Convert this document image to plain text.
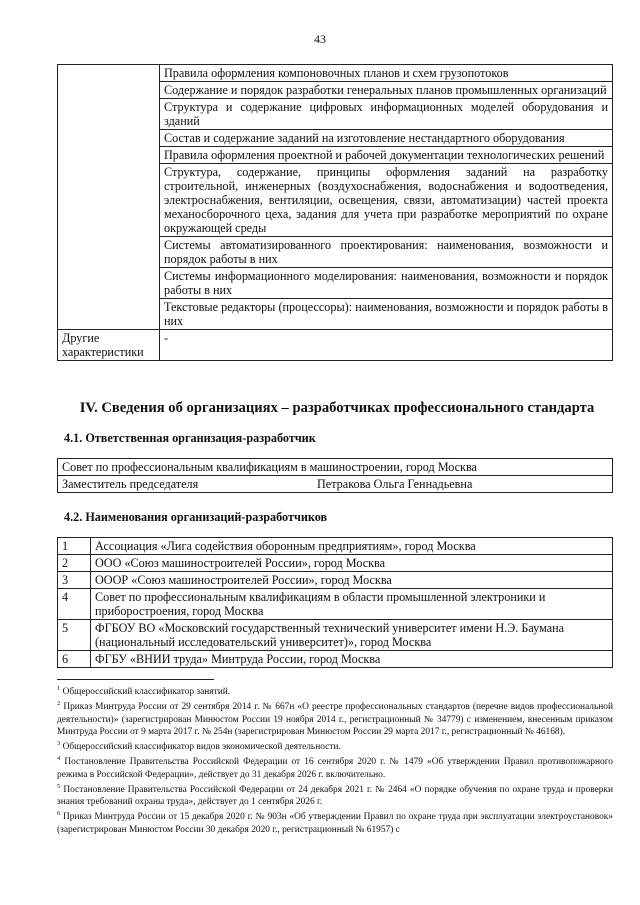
43
	Правила оформления компоновочных планов и схем грузопотоков
	Содержание и порядок разработки генеральных планов промышленных организаций
	Структура и содержание цифровых информационных моделей оборудования и зданий
	Состав и содержание заданий на изготовление нестандартного оборудования
	Правила оформления проектной и рабочей документации технологических решений
	Структура, содержание, принципы оформления заданий на разработку строительной, инженерных (воздухоснабжения, водоснабжения и водоотведения, электроснабжения, вентиляции, освещения, связи, автоматизации) частей проекта механосборочного цеха, задания для учета при разработке мероприятий по охране окружающей среды
	Системы автоматизированного проектирования: наименования, возможности и порядок работы в них
	Системы информационного моделирования: наименования, возможности и порядок работы в них
	Текстовые редакторы (процессоры): наименования, возможности и порядок работы в них
Другие характеристики	-
IV. Сведения об организациях – разработчиках профессионального стандарта
4.1. Ответственная организация-разработчик
Совет по профессиональным квалификациям в машиностроении, город Москва

Заместитель председателя	Петракова Ольга Геннадьевна
4.2. Наименования организаций-разработчиков
1	Ассоциация «Лига содействия оборонным предприятиям», город Москва
2	ООО «Союз машиностроителей России», город Москва
3	ОООР «Союз машиностроителей России», город Москва
4	Совет по профессиональным квалификациям в области промышленной электроники и приборостроения, город Москва
5	ФГБОУ ВО «Московский государственный технический университет имени Н.Э. Баумана (национальный исследовательский университет)», город Москва
6	ФГБУ «ВНИИ труда» Минтруда России, город Москва

$^1$ Общероссийский классификатор занятий.

$^2$ Приказ Минтруда России от 29 сентября 2014 г. № 667н «О реестре профессиональных стандартов (перечне видов профессиональной деятельности)» (зарегистрирован Минюстом России 19 ноября 2014 г., регистрационный № 34779) с изменением, внесенным приказом Минтруда России от 9 марта 2017 г. № 254н (зарегистрирован Минюстом России 29 марта 2017 г., регистрационный № 46168).

$^3$ Общероссийский классификатор видов экономической деятельности.

$^4$ Постановление Правительства Российской Федерации от 16 сентября 2020 г. № 1479 «Об утверждении Правил противопожарного режима в Российской Федерации», действует до 31 декабря 2026 г. включительно.

$^5$ Постановление Правительства Российской Федерации от 24 декабря 2021 г. № 2464 «О порядке обучения по охране труда и проверки знания требований охраны труда», действует до 1 сентября 2026 г.

$^6$ Приказ Минтруда России от 15 декабря 2020 г. № 903н «Об утверждении Правил по охране труда при эксплуатации электроустановок» (зарегистрирован Минюстом России 30 декабря 2020 г., регистрационный № 61957) с
